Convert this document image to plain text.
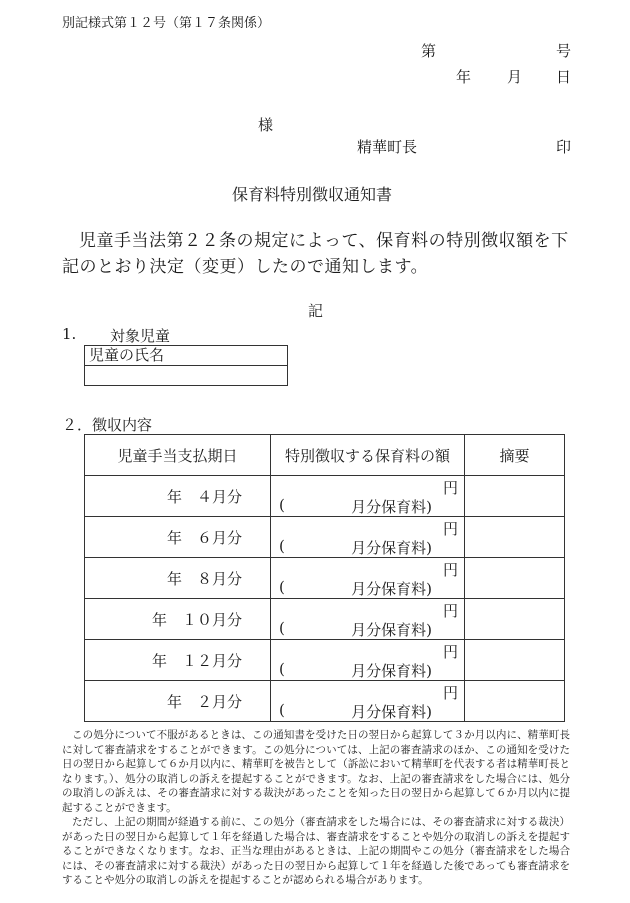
別記様式第１２号（第１７条関係）
第	号
年 月 日
様
精華町長	印
保育料特別徴収通知書
児童手当法第２２条の規定によって、保育料の特別徴収額を下記のとおり決定（変更）したので通知します。
記
1. 対象児童
児童の氏名

２．徴収内容
児童手当支払期日	特別徴収する保育料の額	摘要
年　４月分	円
( 月分保育料)	

年　６月分	円
( 月分保育料)	

年　８月分	円
( 月分保育料)	

年　１０月分	円
( 月分保育料)	

年　１２月分	円
( 月分保育料)	

年　２月分	円
( 月分保育料)	

この処分について不服があるときは、この通知書を受けた日の翌日から起算して３か月以内に、精華町長に対して審査請求をすることができます。この処分については、上記の審査請求のほか、この通知を受けた日の翌日から起算して６か月以内に、精華町を被告として（訴訟において精華町を代表する者は精華町長となります。）、処分の取消しの訴えを提起することができます。なお、上記の審査請求をした場合には、処分の取消しの訴えは、その審査請求に対する裁決があったことを知った日の翌日から起算して６か月以内に提起することができます。

ただし、上記の期間が経過する前に、この処分（審査請求をした場合には、その審査請求に対する裁決）があった日の翌日から起算して１年を経過した場合は、審査請求をすることや処分の取消しの訴えを提起することができなくなります。なお、正当な理由があるときは、上記の期間やこの処分（審査請求をした場合には、その審査請求に対する裁決）があった日の翌日から起算して１年を経過した後であっても審査請求をすることや処分の取消しの訴えを提起することが認められる場合があります。
